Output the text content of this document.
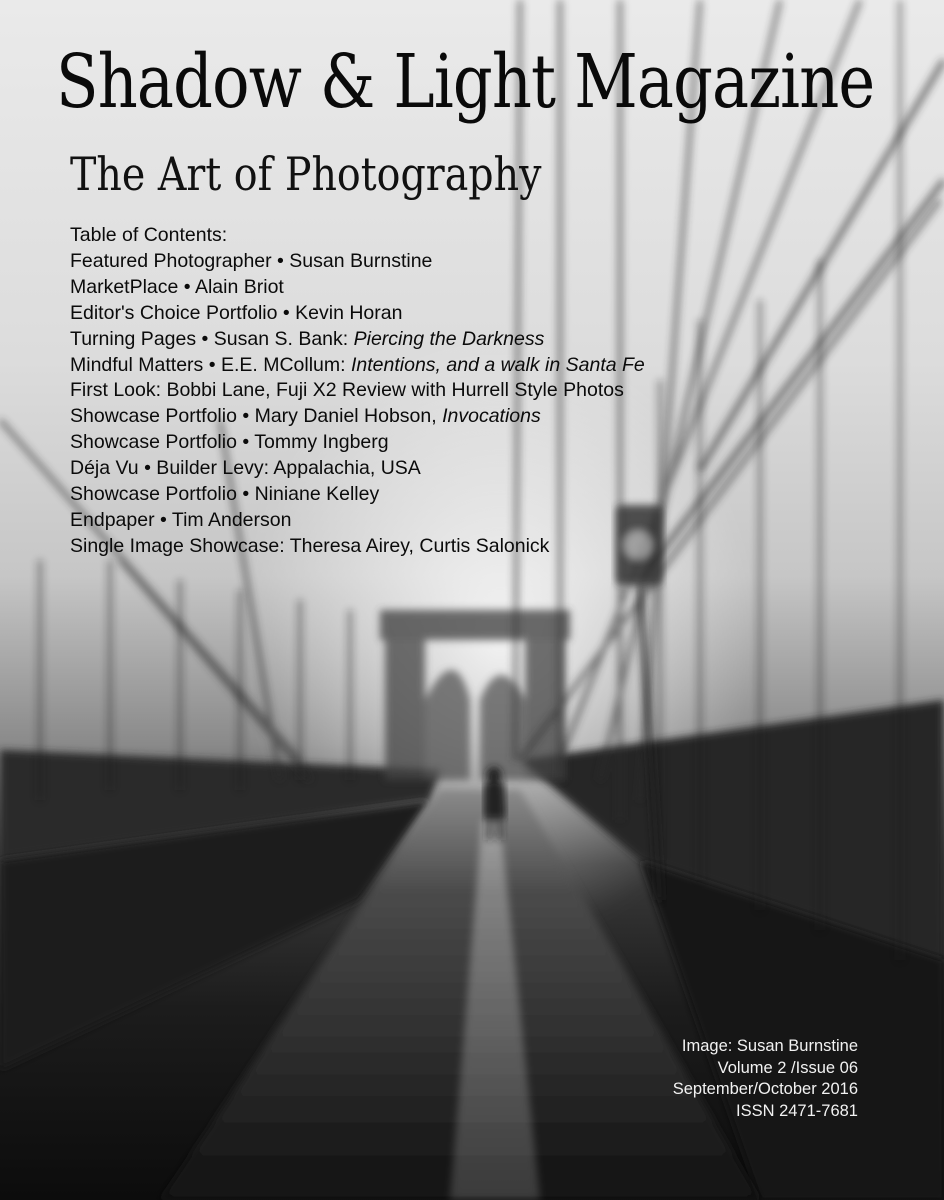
Shadow & Light Magazine
The Art of Photography
Table of Contents:
Featured Photographer • Susan Burnstine
MarketPlace • Alain Briot
Editor's Choice Portfolio • Kevin Horan
Turning Pages • Susan S. Bank: Piercing the Darkness
Mindful Matters • E.E. MCollum: Intentions, and a walk in Santa Fe
First Look: Bobbi Lane, Fuji X2 Review with Hurrell Style Photos
Showcase Portfolio • Mary Daniel Hobson, Invocations
Showcase Portfolio • Tommy Ingberg
Déja Vu • Builder Levy: Appalachia, USA
Showcase Portfolio • Niniane Kelley
Endpaper • Tim Anderson
Single Image Showcase: Theresa Airey, Curtis Salonick
Image: Susan Burnstine
Volume 2 /Issue 06
September/October 2016
ISSN 2471-7681
